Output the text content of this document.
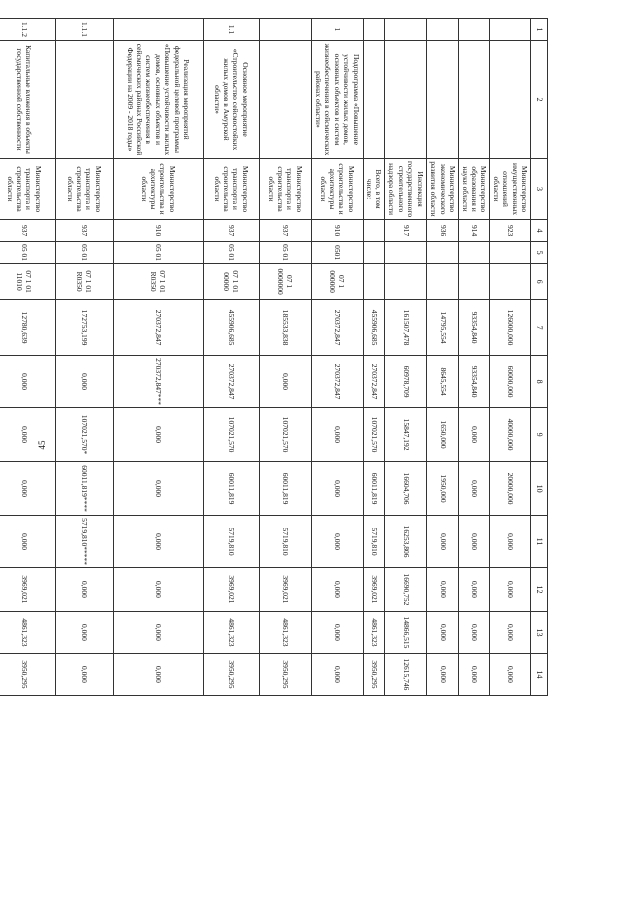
45
1	2	3	4	5	6	7	8	9	10	11	12	13	14
		Министерство имущественных отношений области	923			126000,000	60000,000	40000,000	20000,000	0,000	0,000	0,000	0,000
		Министерство образования и науки области	914			93354,840	93354,840	0,000	0,000	0,000	0,000	0,000	0,000
		Министерство экономического развития области	936			14795,554	8645,554	1650,000	1950,000	0,000	0,000	0,000	0,000
		Инспекция государственного строительного надзора области	917			161507,478	60978,709	15847,192	16604,706	16253,806	16690,752	14866,515	12615,746
		Всего, в том числе:				455906,685	270372,847	107021,570	60011,819	5719,810	3969,021	4861,323	3950,295
1	Подпрограмма «Повышение устойчивости жилых домов, основных объектов и систем жизнеобеспечения в сейсмических районах области»	Министерство строительства и архитектуры области	910	0501	07 1 000000	270372,847	270372,847	0,000	0,000	0,000	0,000	0,000	0,000
		Министерство транспорта и строительства области	937	05 01	07 1 0000000	185533,838	0,000	107021,570	60011,819	5719,810	3969,021	4861,323	3950,295
1.1	Основное мероприятие «Строительство сейсмостойких жилых домов в Амурской области»	Министерство транспорта и строительства области	937	05 01	07 1 01 00000	455906,685	270372,847	107021,570	60011,819	5719,810	3969,021	4861,323	3950,295
	Реализация мероприятий федеральной целевой программы «Повышение устойчивости жилых домов, основных объектов и систем жизнеобеспечения в сейсмических районах Российской Федерации на 2009 - 2018 годы»	Министерство строительства и архитектуры области	910	05 01	07 1 01 R0350	270372,847	270372,847***	0,000	0,000	0,000	0,000	0,000	0,000
1.1.1		Министерство транспорта и строительства области	937	05 01	07 1 01 R0350	172753,199	0,000	107021,570*	60011,819****	5719,810*****	0,000	0,000	0,000
1.1.2	Капитальные вложения в объекты государственной собственности	Министерство транспорта и строительства области	937	05 01	07 1 01 11010	12780,639	0,000	0,000	0,000	0,000	3969,021	4861,323	3950,295
